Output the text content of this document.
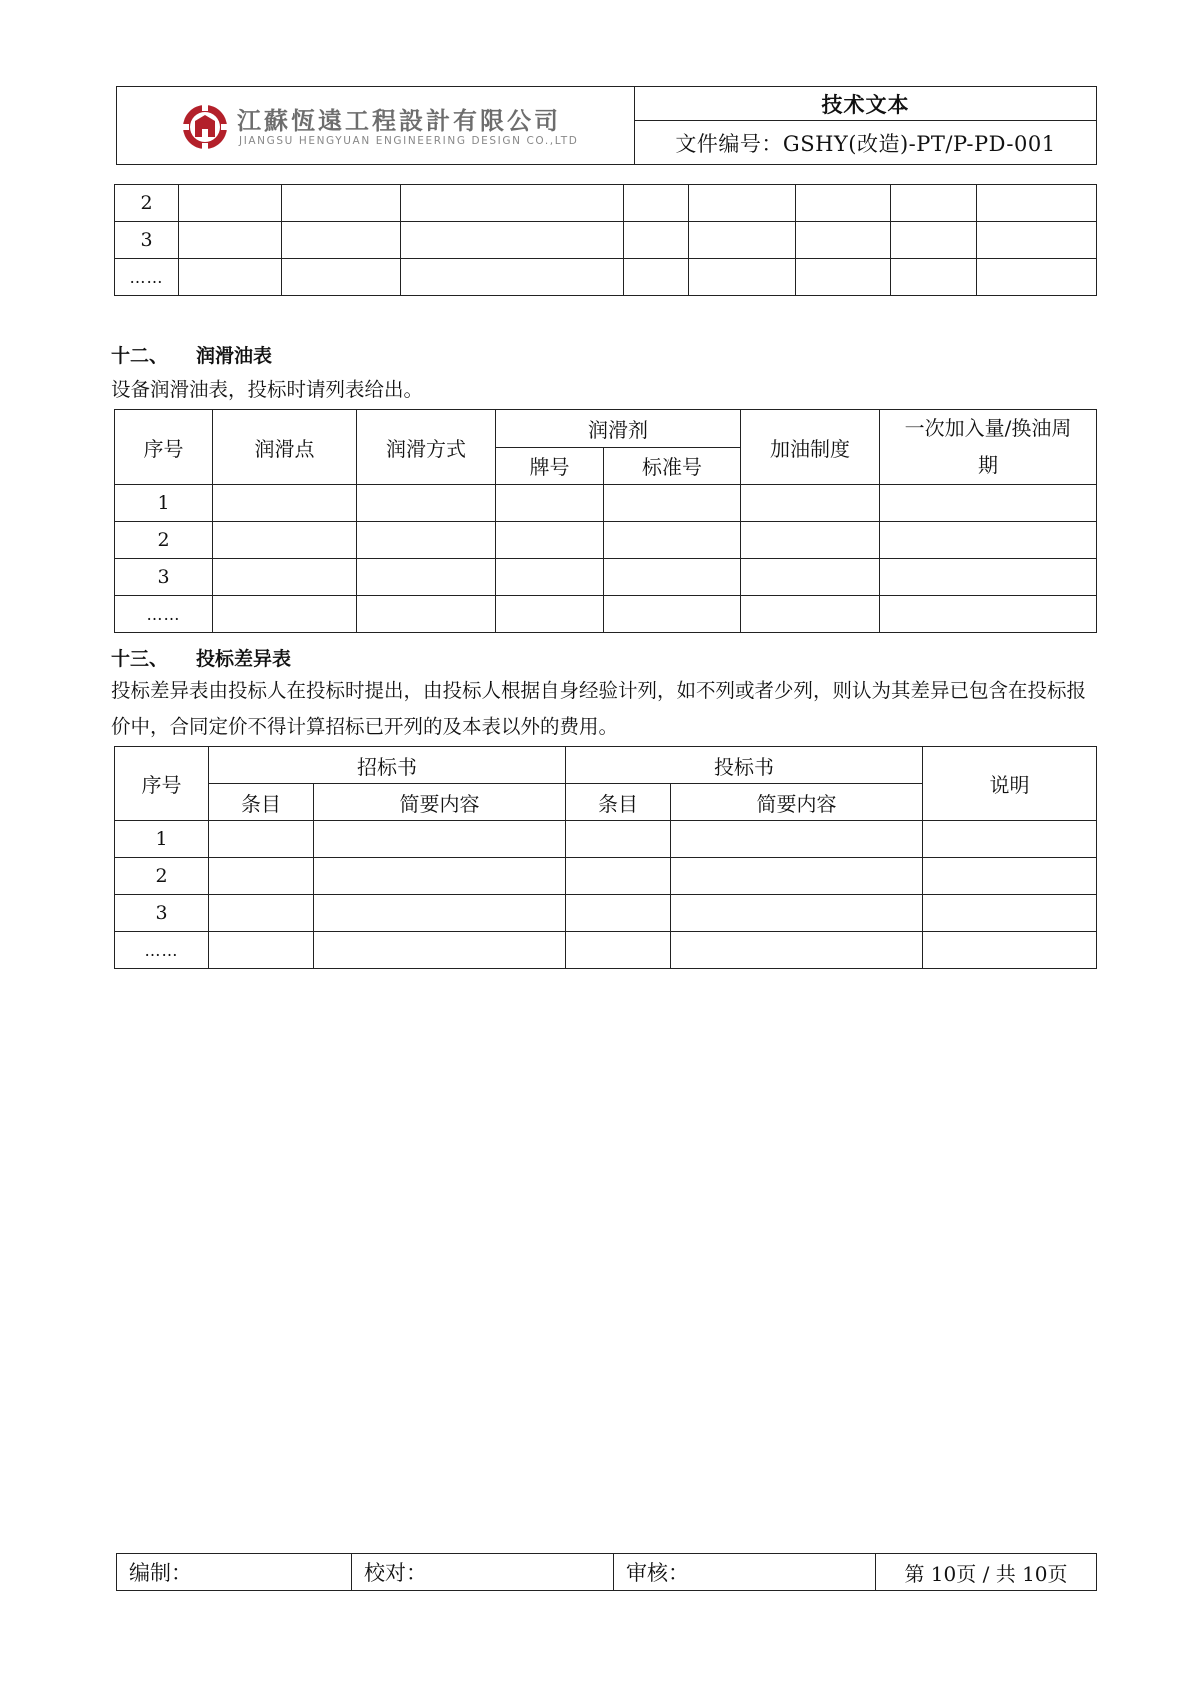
江蘇恆遠工程設計有限公司
JIANGSU HENGYUAN ENGINEERING DESIGN CO.,LTD
	技术文本
文件编号：GSHY(改造)-PT/P-PD-001
2								
3								
……								
十二、 润滑油表

设备润滑油表，投标时请列表给出。

序号	润滑点	润滑方式	润滑剂		加油制度	一次加入量/换油周
期

			牌号	标准号		
1						
2						
3						
……						
十三、 投标差异表

投标差异表由投标人在投标时提出，由投标人根据自身经验计列，如不列或者少列，则认为其差异已包含在投标报价中，合同定价不得计算招标已开列的及本表以外的费用。

序号	招标书		投标书		说明
	条目	简要内容	条目	简要内容	
1					
2					
3					
……					
编制：	校对：	审核：	第 10页 / 共 10页
